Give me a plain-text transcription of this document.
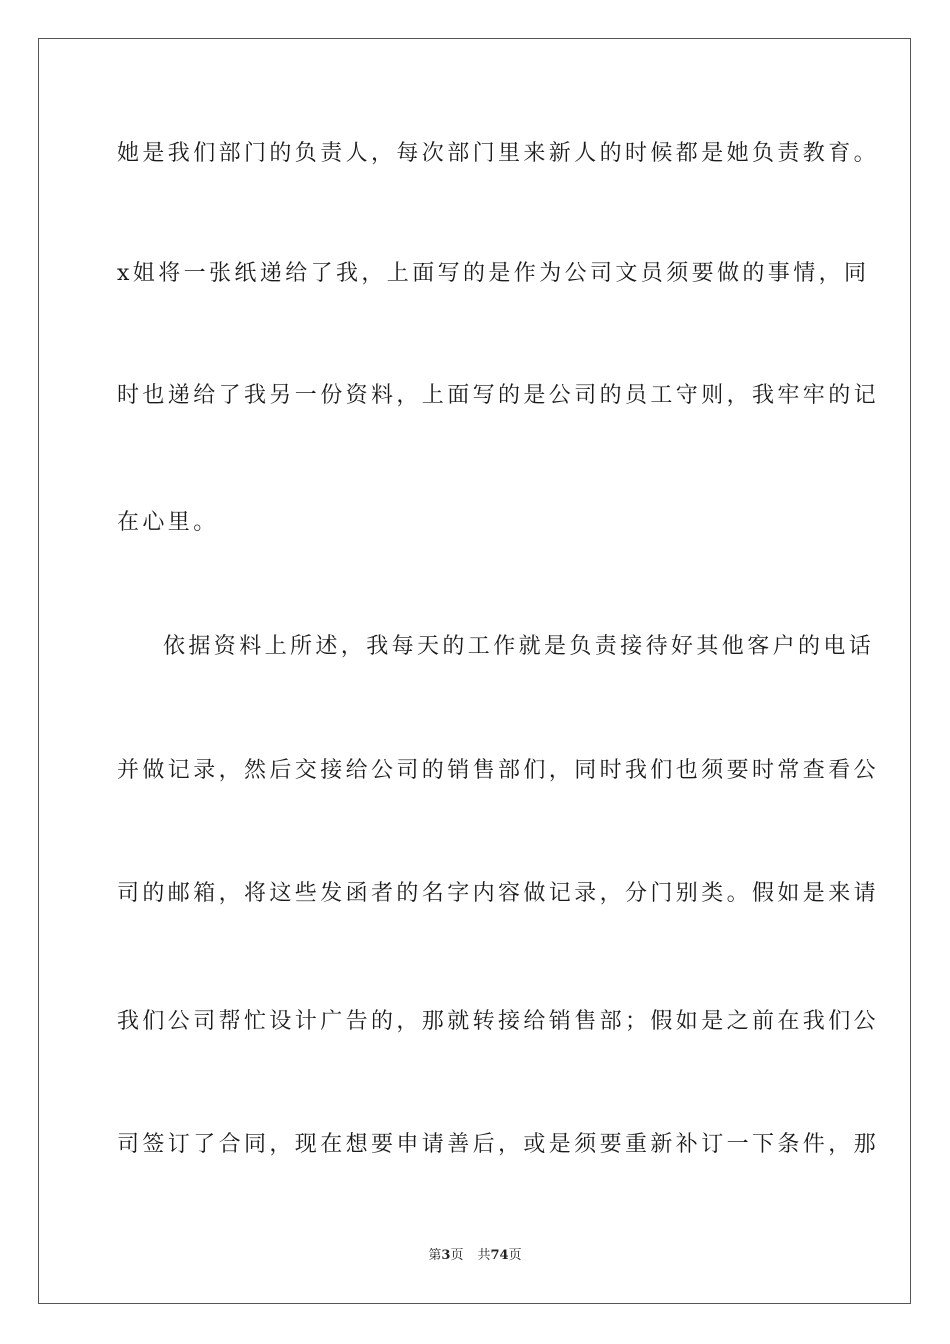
她是我们部门的负责人，每次部门里来新人的时候都是她负责教育。
x姐将一张纸递给了我，上面写的是作为公司文员须要做的事情，同
时也递给了我另一份资料，上面写的是公司的员工守则，我牢牢的记
在心里。
依据资料上所述，我每天的工作就是负责接待好其他客户的电话
并做记录，然后交接给公司的销售部们，同时我们也须要时常查看公
司的邮箱，将这些发函者的名字内容做记录，分门别类。假如是来请
我们公司帮忙设计广告的，那就转接给销售部；假如是之前在我们公
司签订了合同，现在想要申请善后，或是须要重新补订一下条件，那
第3页 共74页
